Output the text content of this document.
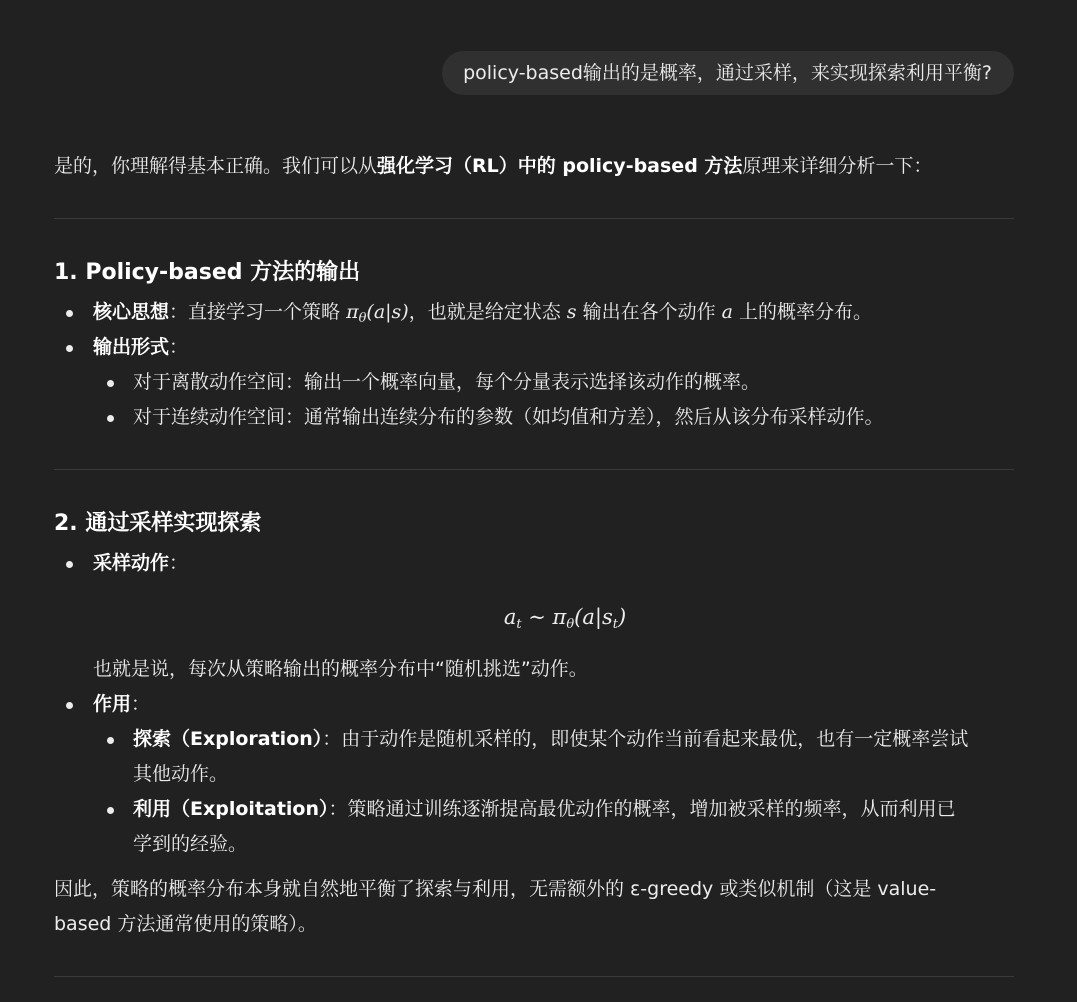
policy-based输出的是概率，通过采样，来实现探索利用平衡?
是的，你理解得基本正确。我们可以从强化学习（RL）中的 policy-based 方法原理来详细分析一下：
1. Policy-based 方法的输出
核心思想：直接学习一个策略 $\pi_\theta(a|s)$，也就是给定状态 s 输出在各个动作 a 上的概率分布。
输出形式：
对于离散动作空间：输出一个概率向量，每个分量表示选择该动作的概率。
对于连续动作空间：通常输出连续分布的参数（如均值和方差），然后从该分布采样动作。
2. 通过采样实现探索
采样动作：
$a_t$ ∼ $\pi_\theta(a|s_t)$
也就是说，每次从策略输出的概率分布中“随机挑选”动作。
作用：
探索（Exploration）：由于动作是随机采样的，即使某个动作当前看起来最优，也有一定概率尝试
其他动作。
利用（Exploitation）：策略通过训练逐渐提高最优动作的概率，增加被采样的频率，从而利用已
学到的经验。
因此，策略的概率分布本身就自然地平衡了探索与利用，无需额外的 ε-greedy 或类似机制（这是 value-
based 方法通常使用的策略）。
